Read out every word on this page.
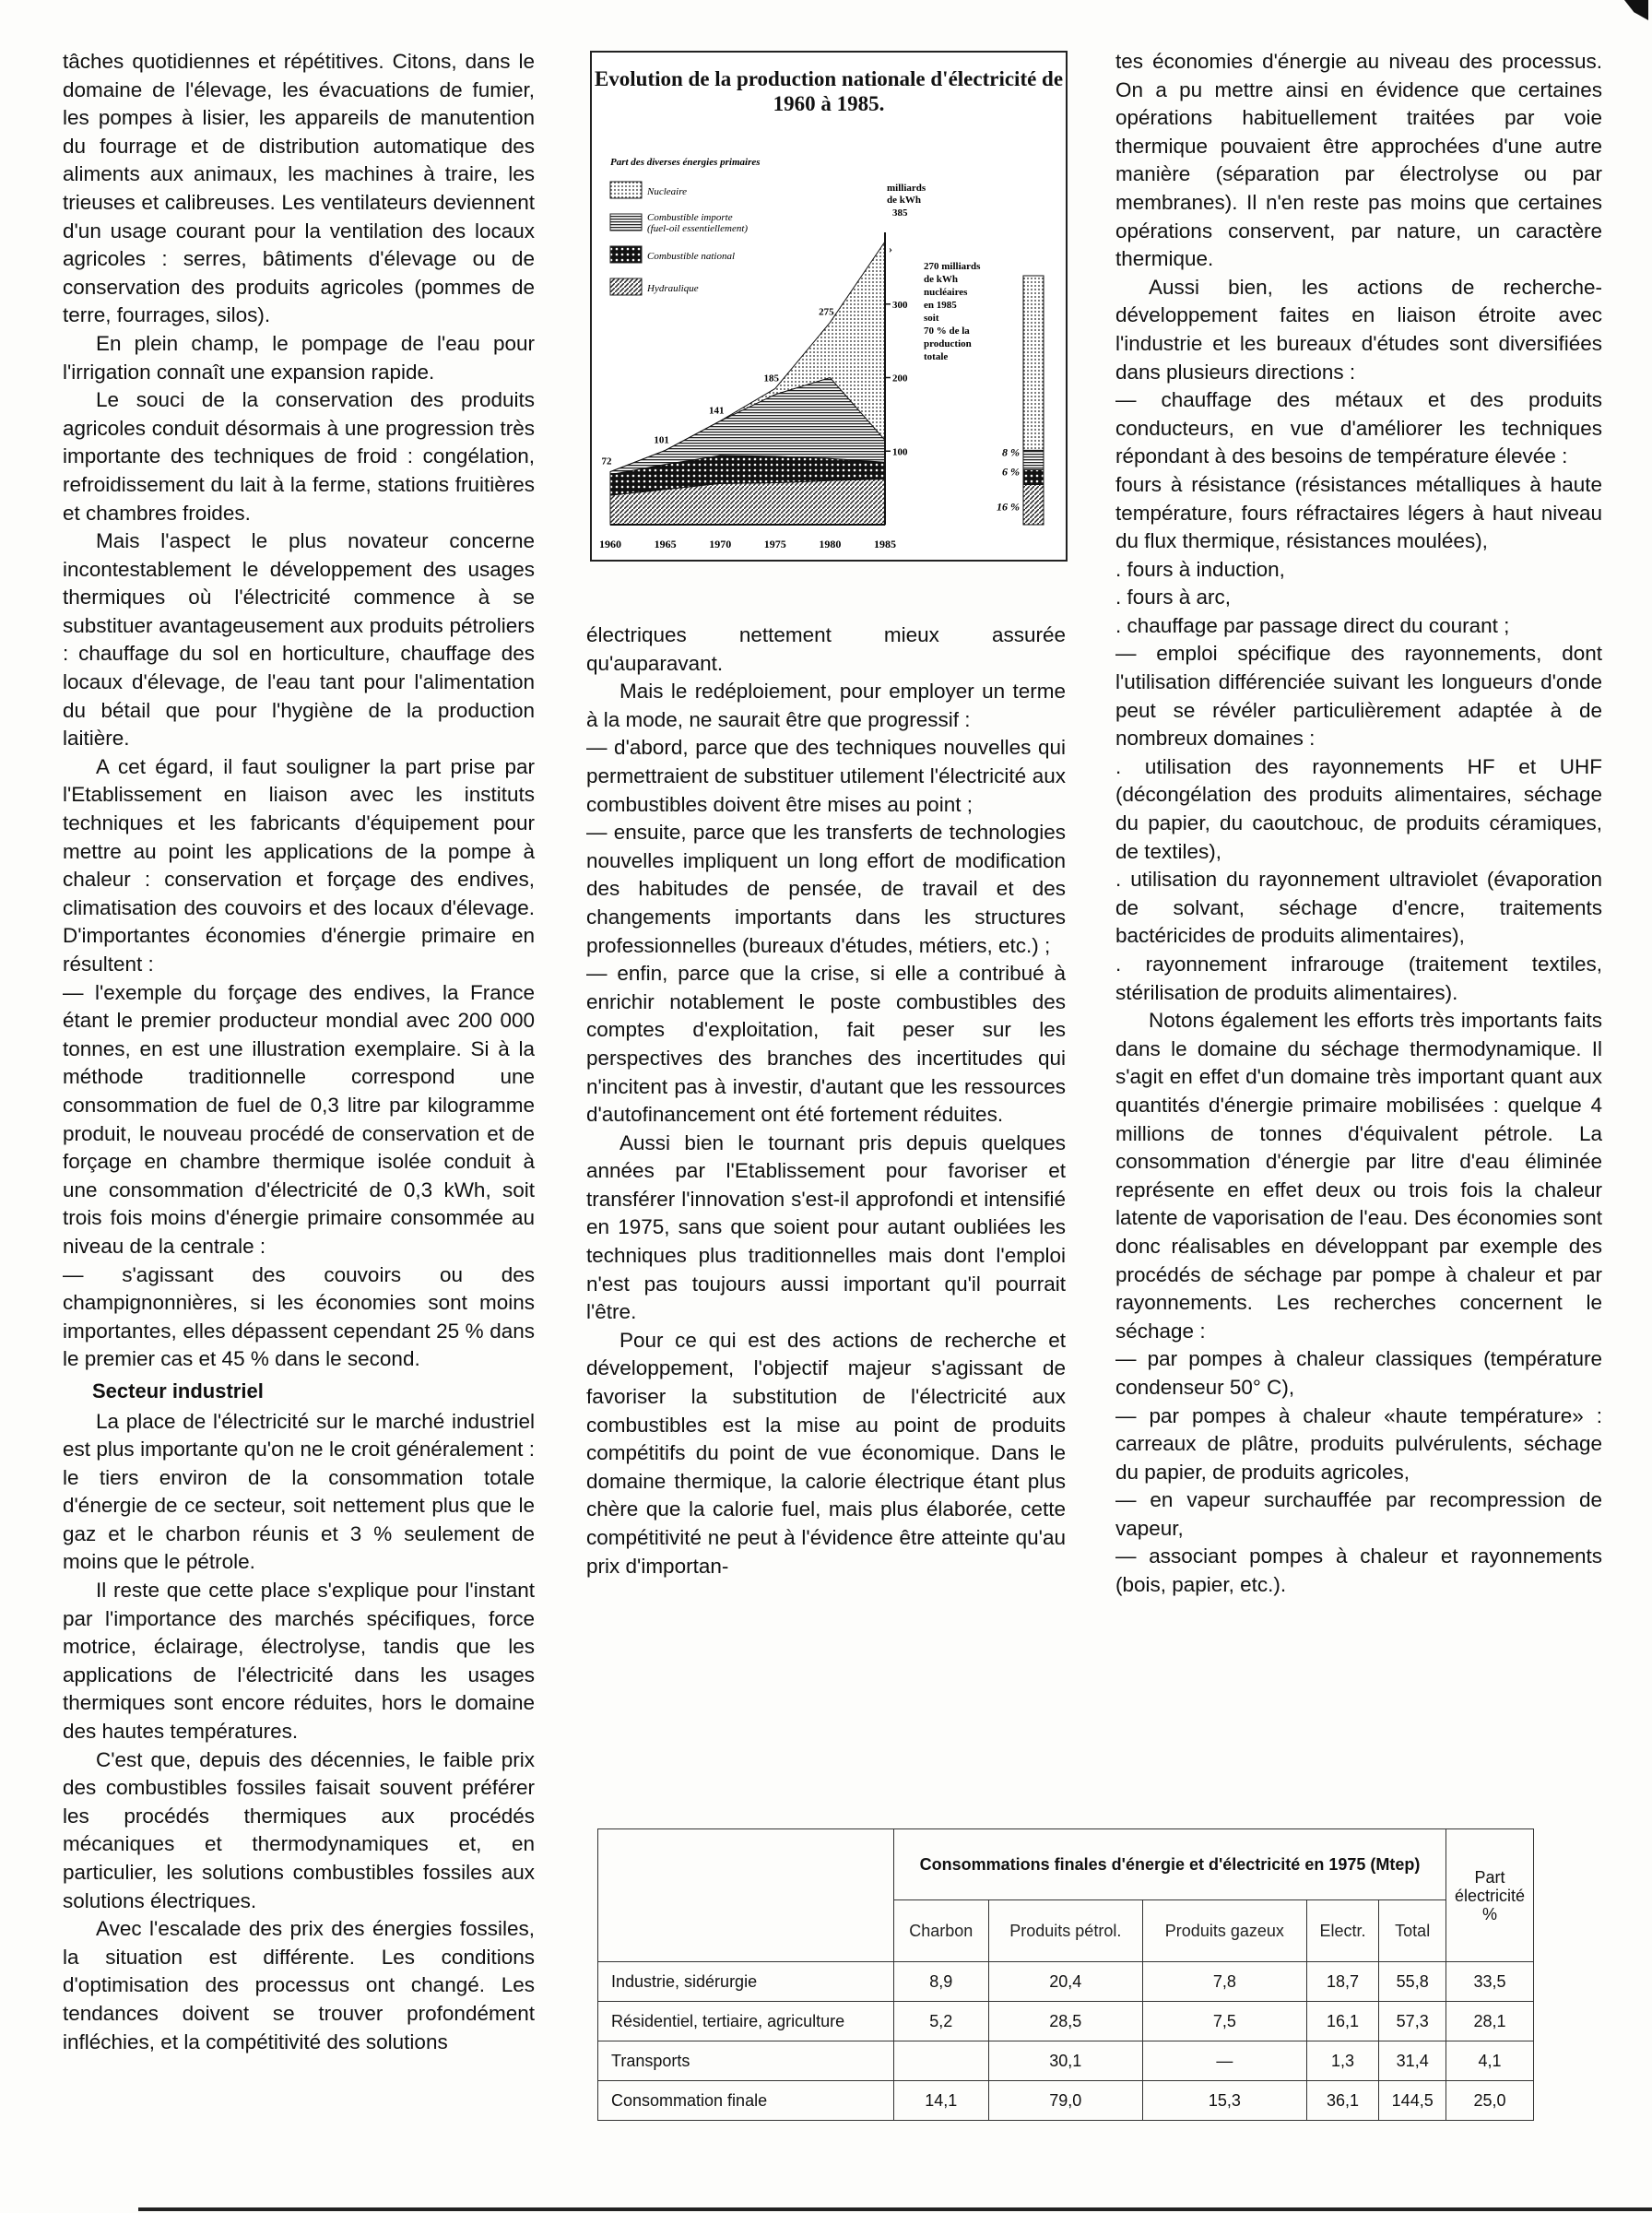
tâches quotidiennes et répétitives. Citons, dans le domaine de l'élevage, les évacuations de fumier, les pompes à lisier, les appareils de manutention du fourrage et de distribution automatique des aliments aux animaux, les machines à traire, les trieuses et calibreuses. Les ventilateurs deviennent d'un usage courant pour la ventilation des locaux agricoles : serres, bâtiments d'élevage ou de conservation des produits agricoles (pommes de terre, fourrages, silos).

En plein champ, le pompage de l'eau pour l'irrigation connaît une expansion rapide.

Le souci de la conservation des produits agricoles conduit désormais à une progression très importante des techniques de froid : congélation, refroidissement du lait à la ferme, stations fruitières et chambres froides.

Mais l'aspect le plus novateur concerne incontestablement le développement des usages thermiques où l'électricité commence à se substituer avantageusement aux produits pétroliers : chauffage du sol en horticulture, chauffage des locaux d'élevage, de l'eau tant pour l'alimentation du bétail que pour l'hygiène de la production laitière.

A cet égard, il faut souligner la part prise par l'Etablissement en liaison avec les instituts techniques et les fabricants d'équipement pour mettre au point les applications de la pompe à chaleur : conservation et forçage des endives, climatisation des couvoirs et des locaux d'élevage. D'importantes économies d'énergie primaire en résultent :

— l'exemple du forçage des endives, la France étant le premier producteur mondial avec 200 000 tonnes, en est une illustration exemplaire. Si à la méthode traditionnelle correspond une consommation de fuel de 0,3 litre par kilogramme produit, le nouveau procédé de conservation et de forçage en chambre thermique isolée conduit à une consommation d'électricité de 0,3 kWh, soit trois fois moins d'énergie primaire consommée au niveau de la centrale :

— s'agissant des couvoirs ou des champignonnières, si les économies sont moins importantes, elles dépassent cependant 25 % dans le premier cas et 45 % dans le second.

Secteur industriel

La place de l'électricité sur le marché industriel est plus importante qu'on ne le croit généralement : le tiers environ de la consommation totale d'énergie de ce secteur, soit nettement plus que le gaz et le charbon réunis et 3 % seulement de moins que le pétrole.

Il reste que cette place s'explique pour l'instant par l'importance des marchés spécifiques, force motrice, éclairage, électrolyse, tandis que les applications de l'électricité dans les usages thermiques sont encore réduites, hors le domaine des hautes températures.

C'est que, depuis des décennies, le faible prix des combustibles fossiles faisait souvent préférer les procédés thermiques aux procédés mécaniques et thermodynamiques et, en particulier, les solutions combustibles fossiles aux solutions électriques.

Avec l'escalade des prix des énergies fossiles, la situation est différente. Les conditions d'optimisation des processus ont changé. Les tendances doivent se trouver profondément infléchies, et la compétitivité des solutions

Evolution de la production nationale d'électricité de 1960 à 1985.
Part des diverses énergies primaires
Nucleaire
Combustible importe
(fuel-oil essentiellement)
Combustible national
Hydraulique
1960	1965	1970	1975	1980	1985
100
200
300
72
101
141
185
275
milliards
de kWh
385
270 milliards
de kWh
nucléaires
en 1985
soit
70 % de la
production
totale
›
8 %
6 %
16 %

électriques nettement mieux assurée qu'auparavant.

Mais le redéploiement, pour employer un terme à la mode, ne saurait être que progressif :

— d'abord, parce que des techniques nouvelles qui permettraient de substituer utilement l'électricité aux combustibles doivent être mises au point ;

— ensuite, parce que les transferts de technologies nouvelles impliquent un long effort de modification des habitudes de pensée, de travail et des changements importants dans les structures professionnelles (bureaux d'études, métiers, etc.) ;

— enfin, parce que la crise, si elle a contribué à enrichir notablement le poste combustibles des comptes d'exploitation, fait peser sur les perspectives des branches des incertitudes qui n'incitent pas à investir, d'autant que les ressources d'autofinancement ont été fortement réduites.

Aussi bien le tournant pris depuis quelques années par l'Etablissement pour favoriser et transférer l'innovation s'est-il approfondi et intensifié en 1975, sans que soient pour autant oubliées les techniques plus traditionnelles mais dont l'emploi n'est pas toujours aussi important qu'il pourrait l'être.

Pour ce qui est des actions de recherche et développement, l'objectif majeur s'agissant de favoriser la substitution de l'électricité aux combustibles est la mise au point de produits compétitifs du point de vue économique. Dans le domaine thermique, la calorie électrique étant plus chère que la calorie fuel, mais plus élaborée, cette compétitivité ne peut à l'évidence être atteinte qu'au prix d'importan-

tes économies d'énergie au niveau des processus. On a pu mettre ainsi en évidence que certaines opérations habituellement traitées par voie thermique pouvaient être approchées d'une autre manière (séparation par électrolyse ou par membranes). Il n'en reste pas moins que certaines opérations conservent, par nature, un caractère thermique.

Aussi bien, les actions de recherche-développement faites en liaison étroite avec l'industrie et les bureaux d'études sont diversifiées dans plusieurs directions :

— chauffage des métaux et des produits conducteurs, en vue d'améliorer les techniques répondant à des besoins de température élevée :

fours à résistance (résistances métalliques à haute température, fours réfractaires légers à haut niveau du flux thermique, résistances moulées),

. fours à induction,

. fours à arc,

. chauffage par passage direct du courant ;

— emploi spécifique des rayonnements, dont l'utilisation différenciée suivant les longueurs d'onde peut se révéler particulièrement adaptée à de nombreux domaines :

. utilisation des rayonnements HF et UHF (décongélation des produits alimentaires, séchage du papier, du caoutchouc, de produits céramiques, de textiles),

. utilisation du rayonnement ultraviolet (évaporation de solvant, séchage d'encre, traitements bactéricides de produits alimentaires),

. rayonnement infrarouge (traitement textiles, stérilisation de produits alimentaires).

Notons également les efforts très importants faits dans le domaine du séchage thermodynamique. Il s'agit en effet d'un domaine très important quant aux quantités d'énergie primaire mobilisées : quelque 4 millions de tonnes d'équivalent pétrole. La consommation d'énergie par litre d'eau éliminée représente en effet deux ou trois fois la chaleur latente de vaporisation de l'eau. Des économies sont donc réalisables en développant par exemple des procédés de séchage par pompe à chaleur et par rayonnements. Les recherches concernent le séchage :

— par pompes à chaleur classiques (température condenseur 50° C),

— par pompes à chaleur «haute température» : carreaux de plâtre, produits pulvérulents, séchage du papier, de produits agricoles,

— en vapeur surchauffée par recompression de vapeur,

— associant pompes à chaleur et rayonnements (bois, papier, etc.).

	Consommations finales d'énergie et d'électricité en 1975 (Mtep)					Part électricité %
	Charbon	Produits pétrol.	Produits gazeux	Electr.	Total	
Industrie, sidérurgie	8,9	20,4	7,8	18,7	55,8	33,5
Résidentiel, tertiaire, agriculture	5,2	28,5	7,5	16,1	57,3	28,1
Transports		30,1	—	1,3	31,4	4,1
Consommation finale	14,1	79,0	15,3	36,1	144,5	25,0
